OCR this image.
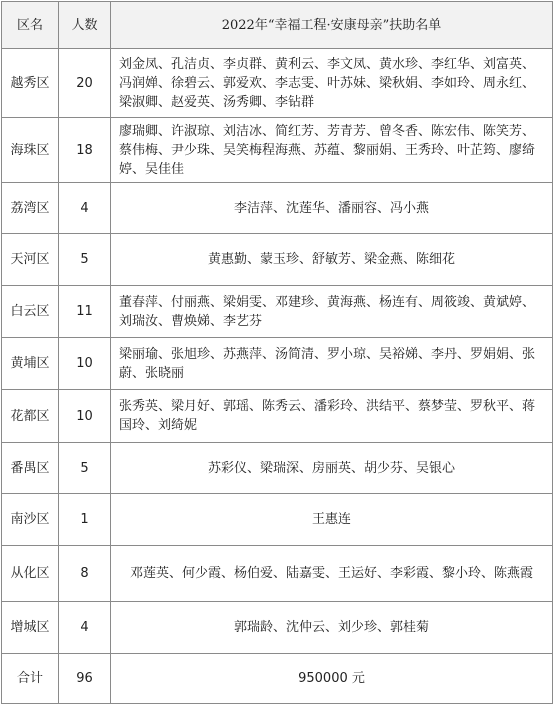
区名	人数	2022年“幸福工程·安康母亲”扶助名单
越秀区	20	刘金凤、孔洁贞、李贞群、黄利云、李文凤、黄水珍、李红华、刘富英、冯润婵、徐碧云、郭爱欢、李志雯、叶苏妹、梁秋娟、李如玲、周永红、梁淑卿、赵爱英、汤秀卿、李钻群
海珠区	18	廖瑞卿、许淑琼、刘洁冰、简红芳、芳青芳、曾冬香、陈宏伟、陈笑芳、蔡伟梅、尹少珠、吴笑梅程海燕、苏蕴、黎丽娟、王秀玲、叶芷筠、廖绮婷、吴佳佳
荔湾区	4	李洁萍、沈莲华、潘丽容、冯小燕
天河区	5	黄惠勤、蒙玉珍、舒敏芳、梁金燕、陈细花
白云区	11	董春萍、付丽燕、梁娟雯、邓建珍、黄海燕、杨连有、周筱竣、黄斌婷、刘瑞汝、曹焕娣、李艺芬
黄埔区	10	梁丽瑜、张旭珍、苏燕萍、汤简清、罗小琼、吴裕娣、李丹、罗娟娟、张蔚、张晓丽
花都区	10	张秀英、梁月好、郭瑶、陈秀云、潘彩玲、洪结平、蔡梦莹、罗秋平、蒋国玲、刘绮妮
番禺区	5	苏彩仪、梁瑞深、房丽英、胡少芬、吴银心
南沙区	1	王惠连
从化区	8	邓莲英、何少霞、杨伯爱、陆嘉雯、王运好、李彩霞、黎小玲、陈燕霞
增城区	4	郭瑞龄、沈仲云、刘少珍、郭桂菊
合计	96	950000 元
